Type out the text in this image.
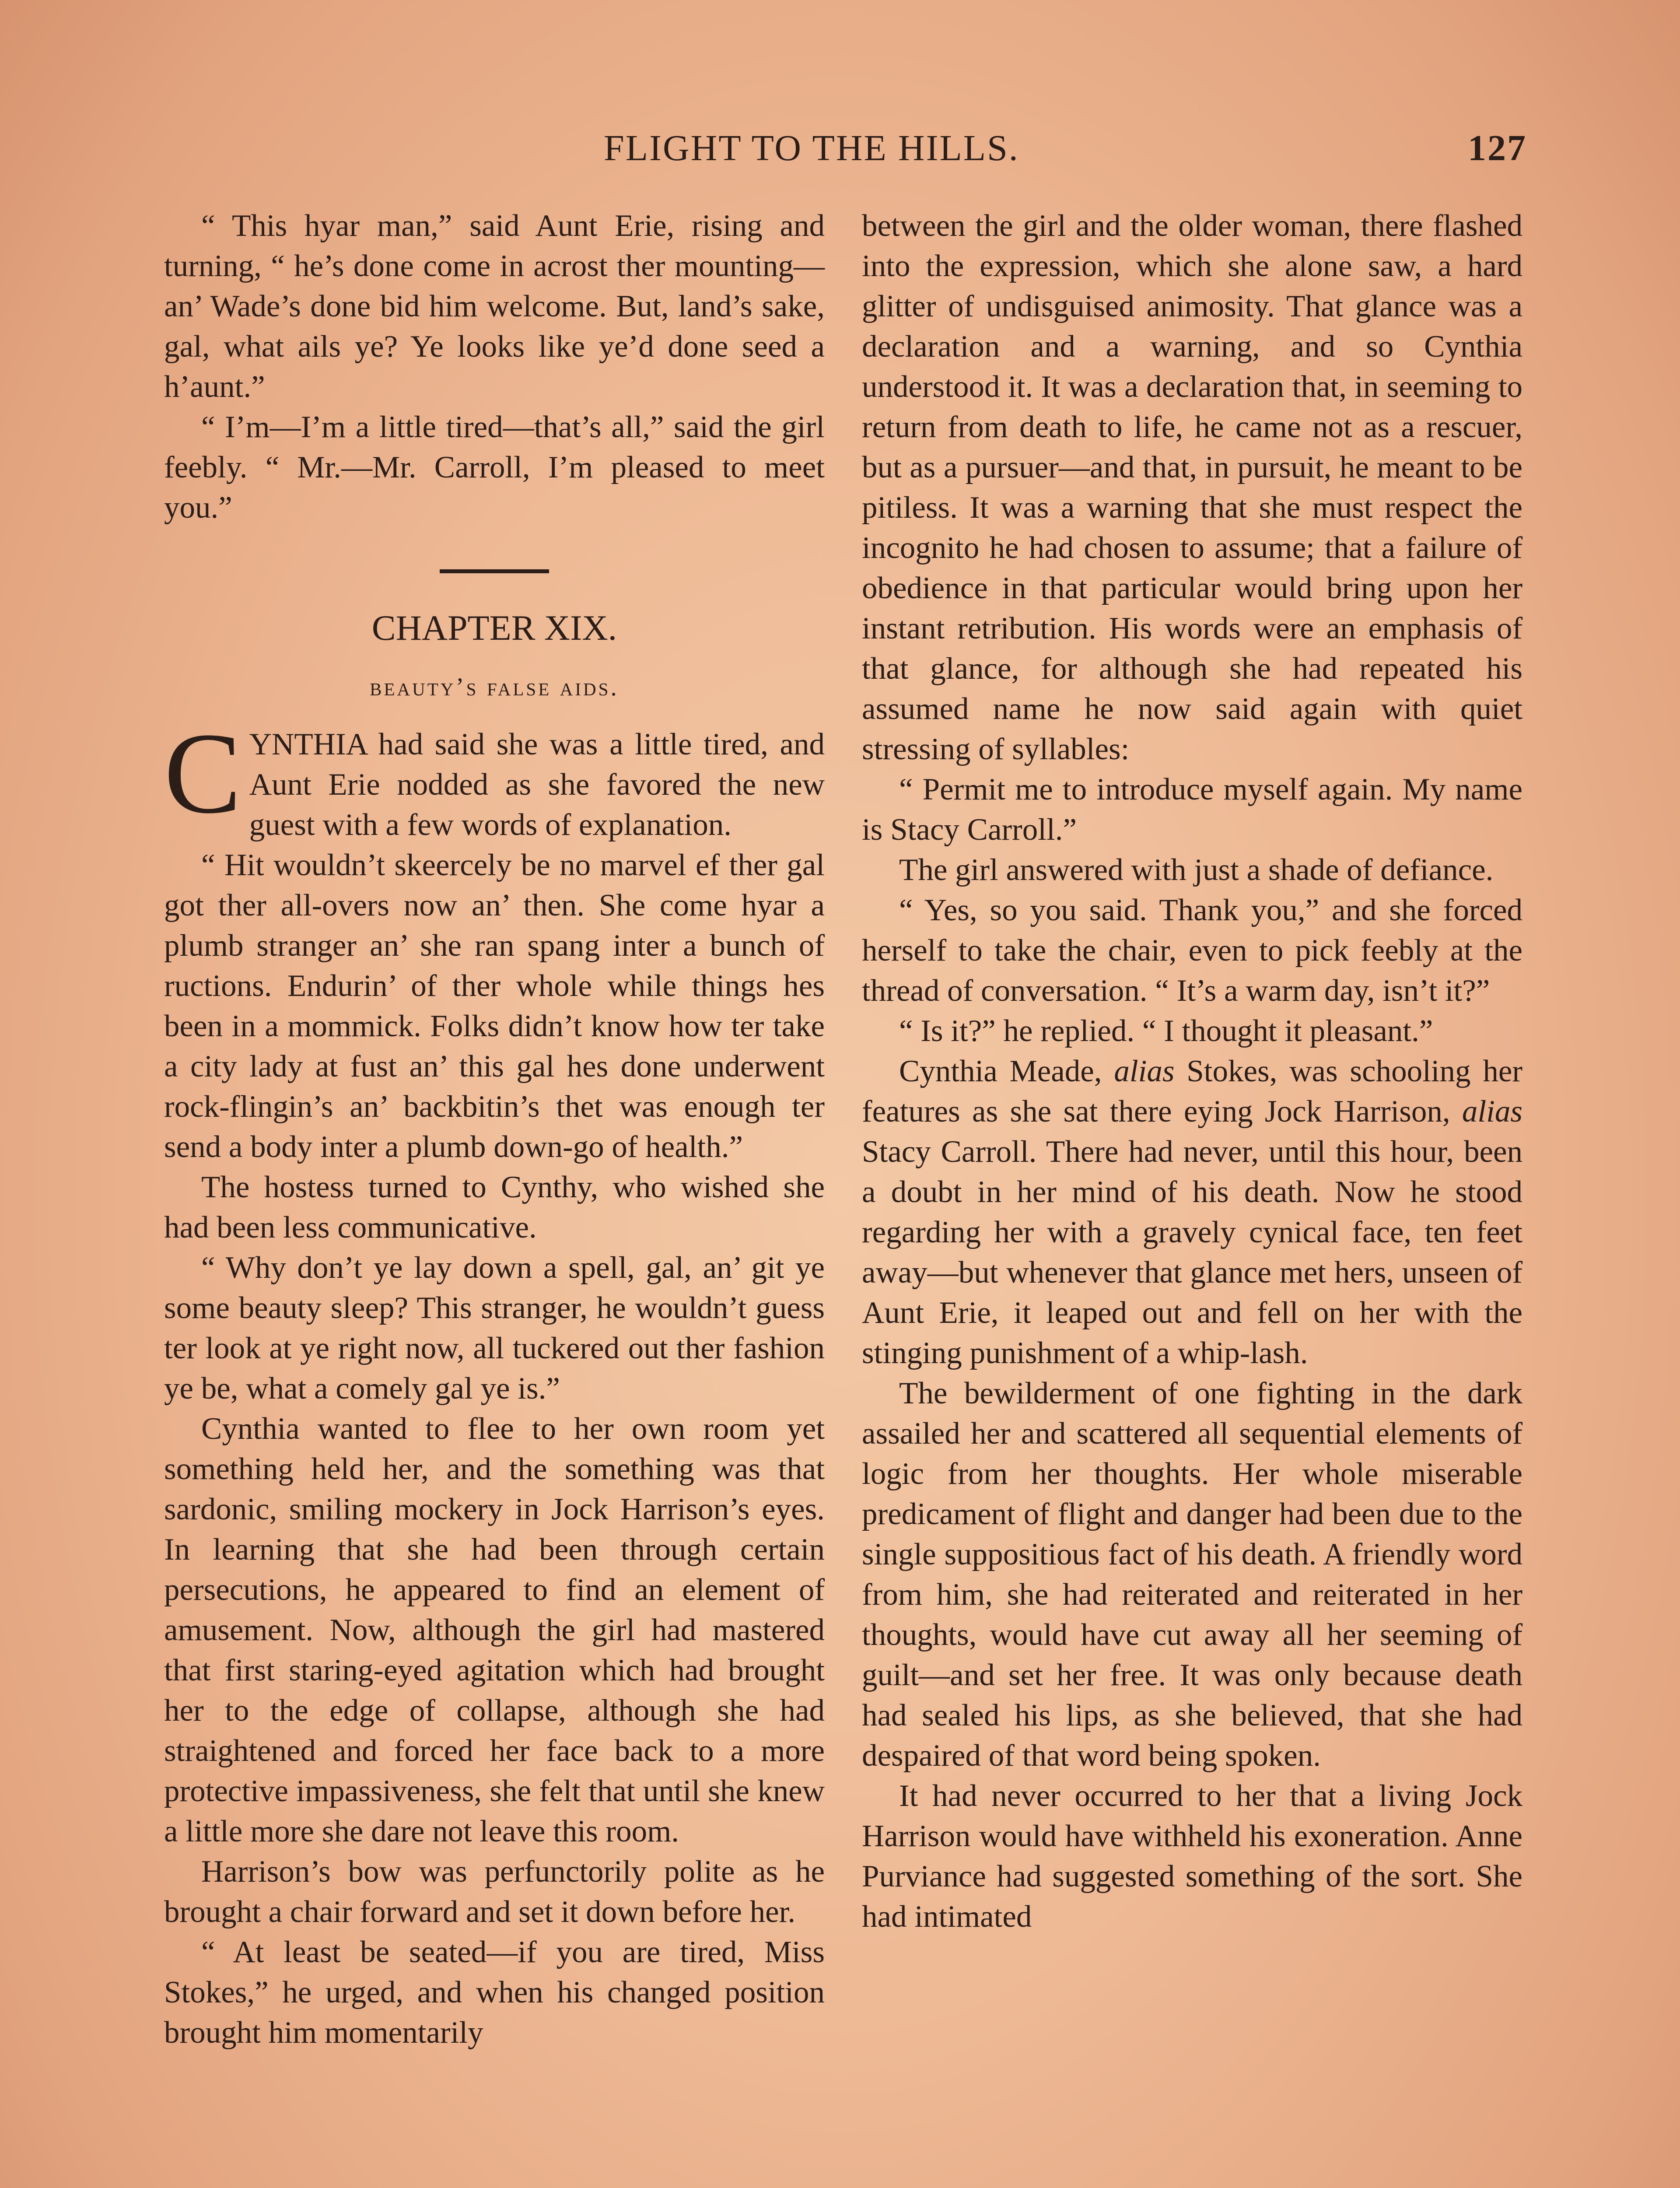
FLIGHT TO THE HILLS.	127

“ This hyar man,” said Aunt Erie, rising and turning, “ he’s done come in acrost ther mounting—an’ Wade’s done bid him welcome. But, land’s sake, gal, what ails ye? Ye looks like ye’d done seed a h’aunt.”

“ I’m—I’m a little tired—that’s all,” said the girl feebly. “ Mr.—Mr. Carroll, I’m pleased to meet you.”

CHAPTER XIX.
beauty’s false aids.

CYNTHIA had said she was a little tired, and Aunt Erie nodded as she favored the new guest with a few words of explanation.

“ Hit wouldn’t skeercely be no marvel ef ther gal got ther all-overs now an’ then. She come hyar a plumb stranger an’ she ran spang inter a bunch of ructions. Endurin’ of ther whole while things hes been in a mommick. Folks didn’t know how ter take a city lady at fust an’ this gal hes done underwent rock-flingin’s an’ backbitin’s thet was enough ter send a body inter a plumb down-go of health.”

The hostess turned to Cynthy, who wished she had been less communicative.

“ Why don’t ye lay down a spell, gal, an’ git ye some beauty sleep? This stranger, he wouldn’t guess ter look at ye right now, all tuckered out ther fashion ye be, what a comely gal ye is.”

Cynthia wanted to flee to her own room yet something held her, and the something was that sardonic, smiling mockery in Jock Harrison’s eyes. In learning that she had been through certain persecutions, he appeared to find an element of amusement. Now, although the girl had mastered that first staring-eyed agitation which had brought her to the edge of collapse, although she had straightened and forced her face back to a more protective impassiveness, she felt that until she knew a little more she dare not leave this room.

Harrison’s bow was perfunctorily polite as he brought a chair forward and set it down before her.

“ At least be seated—if you are tired, Miss Stokes,” he urged, and when his changed position brought him momentarily

between the girl and the older woman, there flashed into the expression, which she alone saw, a hard glitter of undisguised animosity. That glance was a declaration and a warning, and so Cynthia understood it. It was a declaration that, in seeming to return from death to life, he came not as a rescuer, but as a pursuer—and that, in pursuit, he meant to be pitiless. It was a warning that she must respect the incognito he had chosen to assume; that a failure of obedience in that particular would bring upon her instant retribution. His words were an emphasis of that glance, for although she had repeated his assumed name he now said again with quiet stressing of syllables:

“ Permit me to introduce myself again. My name is Stacy Carroll.”

The girl answered with just a shade of defiance.

“ Yes, so you said. Thank you,” and she forced herself to take the chair, even to pick feebly at the thread of conversation. “ It’s a warm day, isn’t it?”

“ Is it?” he replied. “ I thought it pleasant.”

Cynthia Meade, alias Stokes, was schooling her features as she sat there eying Jock Harrison, alias Stacy Carroll. There had never, until this hour, been a doubt in her mind of his death. Now he stood regarding her with a gravely cynical face, ten feet away—but whenever that glance met hers, unseen of Aunt Erie, it leaped out and fell on her with the stinging punishment of a whip-lash.

The bewilderment of one fighting in the dark assailed her and scattered all sequential elements of logic from her thoughts. Her whole miserable predicament of flight and danger had been due to the single suppositious fact of his death. A friendly word from him, she had reiterated and reiterated in her thoughts, would have cut away all her seeming of guilt—and set her free. It was only because death had sealed his lips, as she believed, that she had despaired of that word being spoken.

It had never occurred to her that a living Jock Harrison would have withheld his exoneration. Anne Purviance had suggested something of the sort. She had intimated
